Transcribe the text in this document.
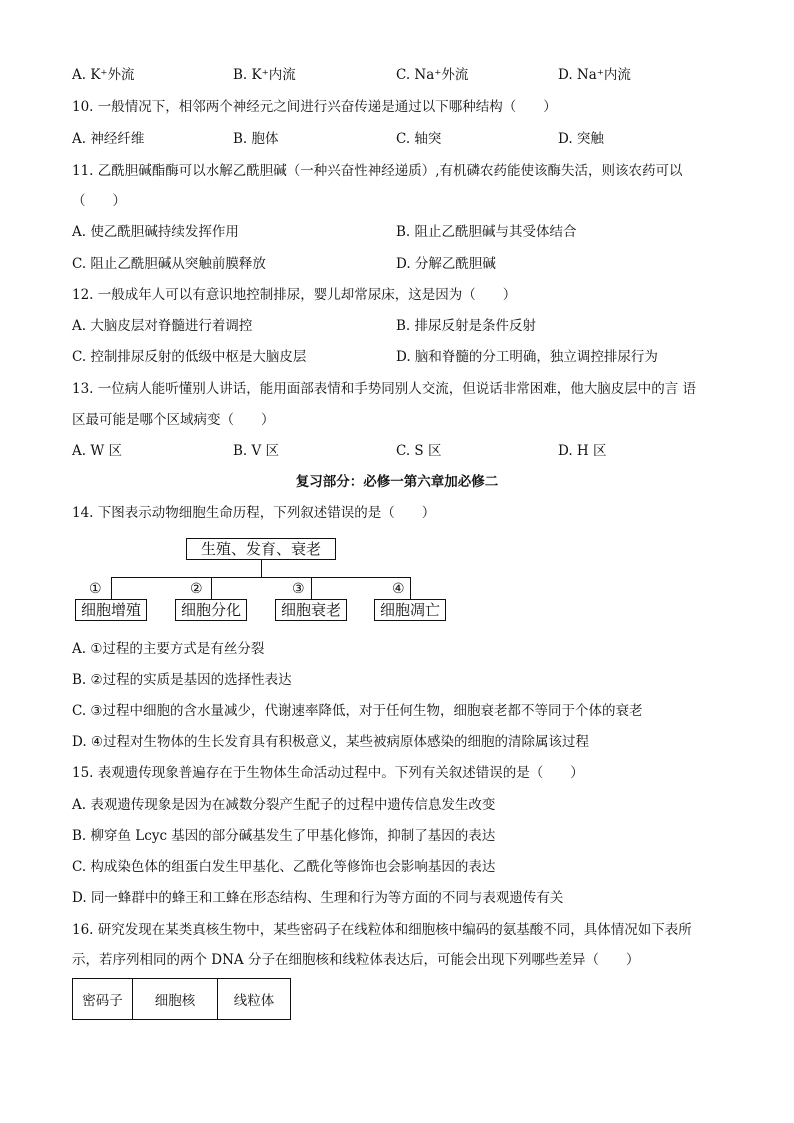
A. K⁺外流	B. K⁺内流	C. Na⁺外流	D. Na⁺内流
10. 一般情况下，相邻两个神经元之间进行兴奋传递是通过以下哪种结构（　　）
A. 神经纤维	B. 胞体	C. 轴突	D. 突触
11. 乙酰胆碱酯酶可以水解乙酰胆碱（一种兴奋性神经递质）,有机磷农药能使该酶失活，则该农药可以
（　　）
A. 使乙酰胆碱持续发挥作用	B. 阻止乙酰胆碱与其受体结合
C. 阻止乙酰胆碱从突触前膜释放	D. 分解乙酰胆碱
12. 一般成年人可以有意识地控制排尿，婴儿却常尿床，这是因为（　　）
A. 大脑皮层对脊髓进行着调控	B. 排尿反射是条件反射
C. 控制排尿反射的低级中枢是大脑皮层	D. 脑和脊髓的分工明确，独立调控排尿行为
13. 一位病人能听懂别人讲话，能用面部表情和手势同别人交流，但说话非常困难，他大脑皮层中的言 语
区最可能是哪个区域病变（　　）
A. W 区	B. V 区	C. S 区	D. H 区
复习部分：必修一第六章加必修二
14. 下图表示动物细胞生命历程，下列叙述错误的是（　　）
生殖、发育、衰老
①	②	③	④
细胞增殖	细胞分化	细胞衰老	细胞凋亡
A. ①过程的主要方式是有丝分裂
B. ②过程的实质是基因的选择性表达
C. ③过程中细胞的含水量减少，代谢速率降低，对于任何生物，细胞衰老都不等同于个体的衰老
D. ④过程对生物体的生长发育具有积极意义，某些被病原体感染的细胞的清除属该过程
15. 表观遗传现象普遍存在于生物体生命活动过程中。下列有关叙述错误的是（　　）
A. 表观遗传现象是因为在减数分裂产生配子的过程中遗传信息发生改变
B. 柳穿鱼 Lcyc 基因的部分碱基发生了甲基化修饰，抑制了基因的表达
C. 构成染色体的组蛋白发生甲基化、乙酰化等修饰也会影响基因的表达
D. 同一蜂群中的蜂王和工蜂在形态结构、生理和行为等方面的不同与表观遗传有关
16. 研究发现在某类真核生物中，某些密码子在线粒体和细胞核中编码的氨基酸不同，具体情况如下表所
示，若序列相同的两个 DNA 分子在细胞核和线粒体表达后，可能会出现下列哪些差异（　　）
密码子	细胞核	线粒体
